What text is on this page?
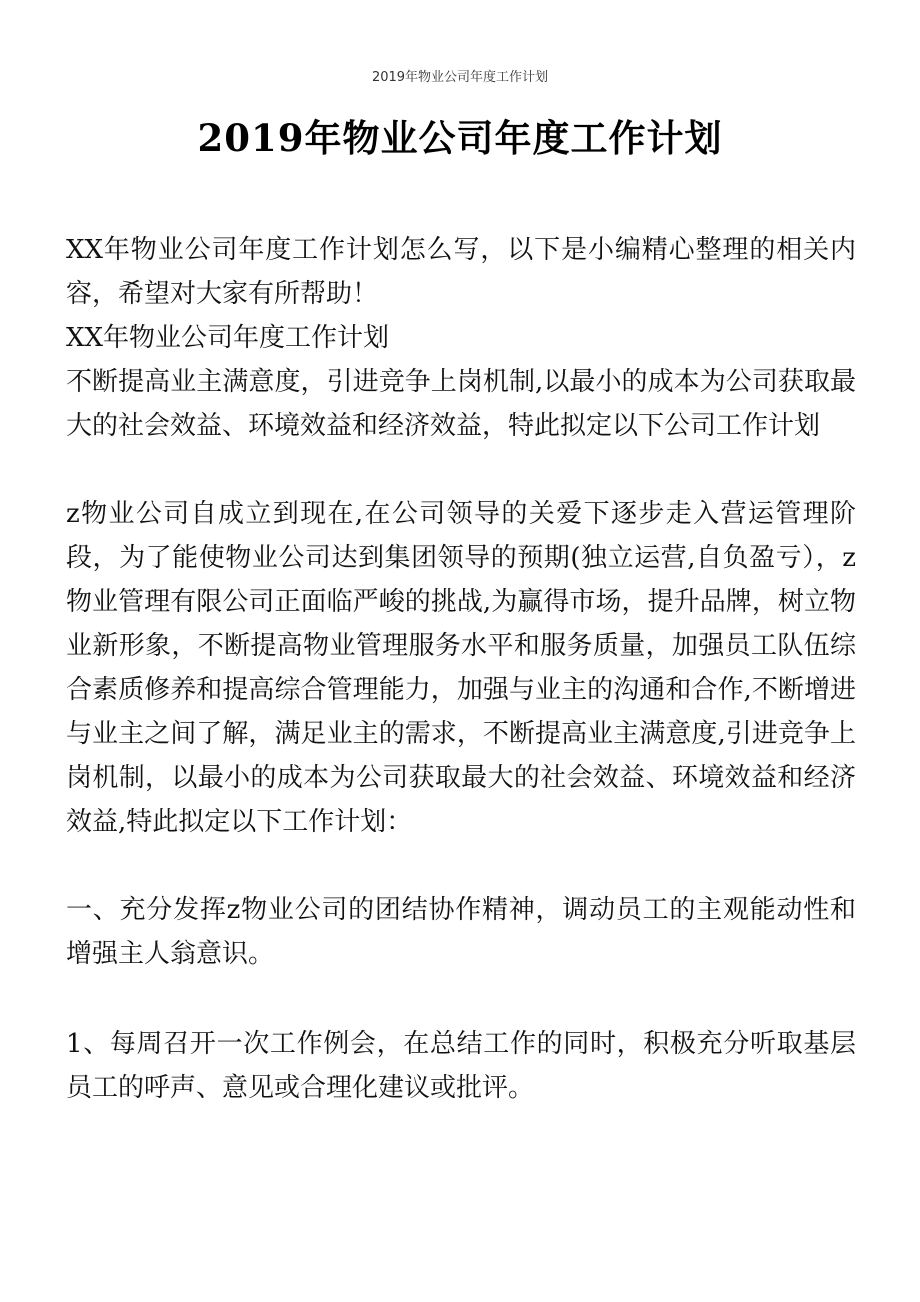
2019年物业公司年度工作计划
2019年物业公司年度工作计划

XX年物业公司年度工作计划怎么写，以下是小编精心整理的相关内容，希望对大家有所帮助！

XX年物业公司年度工作计划

不断提高业主满意度，引进竞争上岗机制,以最小的成本为公司获取最大的社会效益、环境效益和经济效益，特此拟定以下公司工作计划

z物业公司自成立到现在,在公司领导的关爱下逐步走入营运管理阶段，为了能使物业公司达到集团领导的预期(独立运营,自负盈亏），z物业管理有限公司正面临严峻的挑战,为赢得市场，提升品牌，树立物业新形象，不断提高物业管理服务水平和服务质量，加强员工队伍综合素质修养和提高综合管理能力，加强与业主的沟通和合作,不断增进与业主之间了解，满足业主的需求，不断提高业主满意度,引进竞争上岗机制，以最小的成本为公司获取最大的社会效益、环境效益和经济效益,特此拟定以下工作计划：

一、充分发挥z物业公司的团结协作精神，调动员工的主观能动性和增强主人翁意识。

1、每周召开一次工作例会，在总结工作的同时，积极充分听取基层员工的呼声、意见或合理化建议或批评。
